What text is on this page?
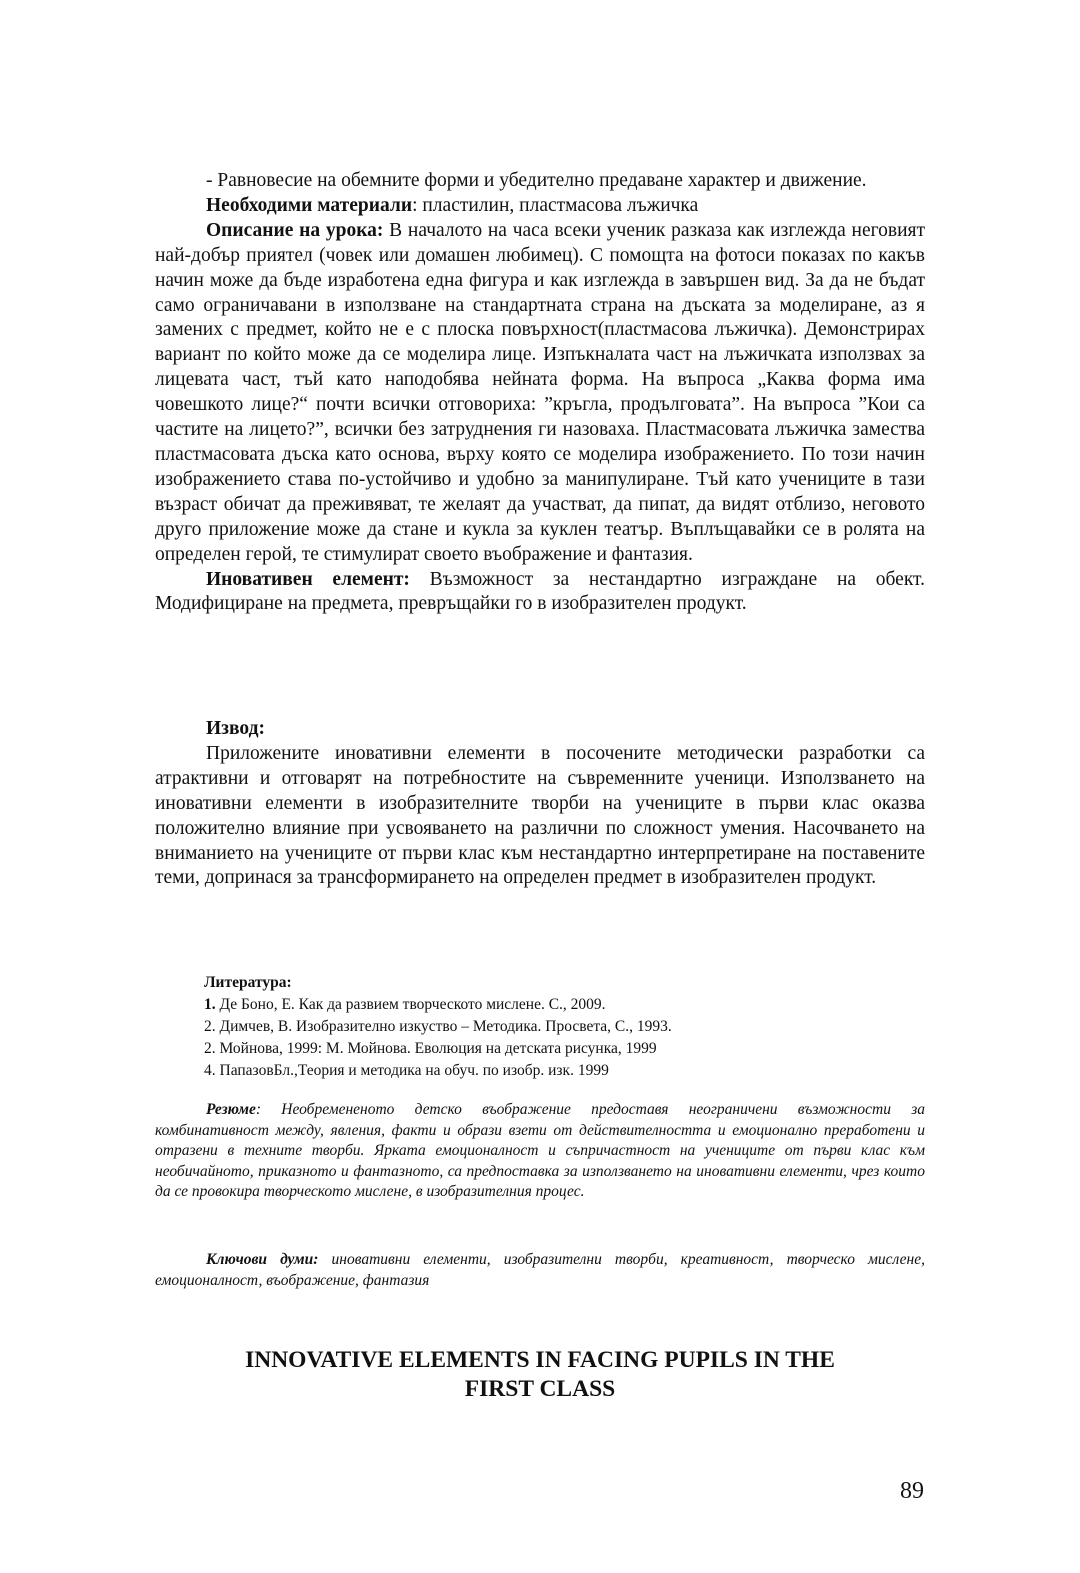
- Равновесие на обемните форми и убедително предаване характер и движение.

Необходими материали: пластилин, пластмасова лъжичка

Описание на урока: В началото на часа всеки ученик разказа как изглежда неговият най-добър приятел (човек или домашен любимец). С помощта на фотоси показах по какъв начин може да бъде изработена една фигура и как изглежда в завършен вид. За да не бъдат само ограничавани в използване на стандартната страна на дъската за моделиране, аз я замених с предмет, който не е с плоска повърхност(пластмасова лъжичка). Демонстрирах вариант по който може да се моделира лице. Изпъкналата част на лъжичката използвах за лицевата част, тъй като наподобява нейната форма. На въпроса „Каква форма има човешкото лице?“ почти всички отговориха: ”кръгла, продълговата”. На въпроса ”Кои са частите на лицето?”, всички без затруднения ги назоваха. Пластмасовата лъжичка замества пластмасовата дъска като основа, върху която се моделира изображението. По този начин изображението става по-устойчиво и удобно за манипулиране. Тъй като учениците в тази възраст обичат да преживяват, те желаят да участват, да пипат, да видят отблизо, неговото друго приложение може да стане и кукла за куклен театър. Въплъщавайки се в ролята на определен герой, те стимулират своето въображение и фантазия.

Иновативен елемент: Възможност за нестандартно изграждане на обект. Модифициране на предмета, превръщайки го в изобразителен продукт.

Извод:

Приложените иновативни елементи в посочените методически разработки са атрактивни и отговарят на потребностите на съвременните ученици. Използването на иновативни елементи в изобразителните творби на учениците в първи клас оказва положително влияние при усвояването на различни по сложност умения. Насочването на вниманието на учениците от първи клас към нестандартно интерпретиране на поставените теми, допринася за трансформирането на определен предмет в изобразителен продукт.

Литература:
1. Де Боно, Е. Как да развием творческото мислене. С., 2009.
2. Димчев, В. Изобразително изкуство – Методика. Просвета, С., 1993.
2. Мойнова, 1999: М. Мойнова. Еволюция на детската рисунка, 1999
4. ПапазовБл.,Теория и методика на обуч. по изобр. изк. 1999

Резюме: Необремененото детско въображение предоставя неограничени възможности за комбинативност между, явления, факти и образи взети от действителността и емоционално преработени и отразени в техните творби. Ярката емоционалност и съпричастност на учениците от първи клас към необичайното, приказното и фантазното, са предпоставка за използването на иновативни елементи, чрез които да се провокира творческото мислене, в изобразителния процес.

Ключови думи: иновативни елементи, изобразителни творби, креативност, творческо мислене, емоционалност, въображение, фантазия

INNOVATIVE ELEMENTS IN FACING PUPILS IN THE
FIRST CLASS
89
